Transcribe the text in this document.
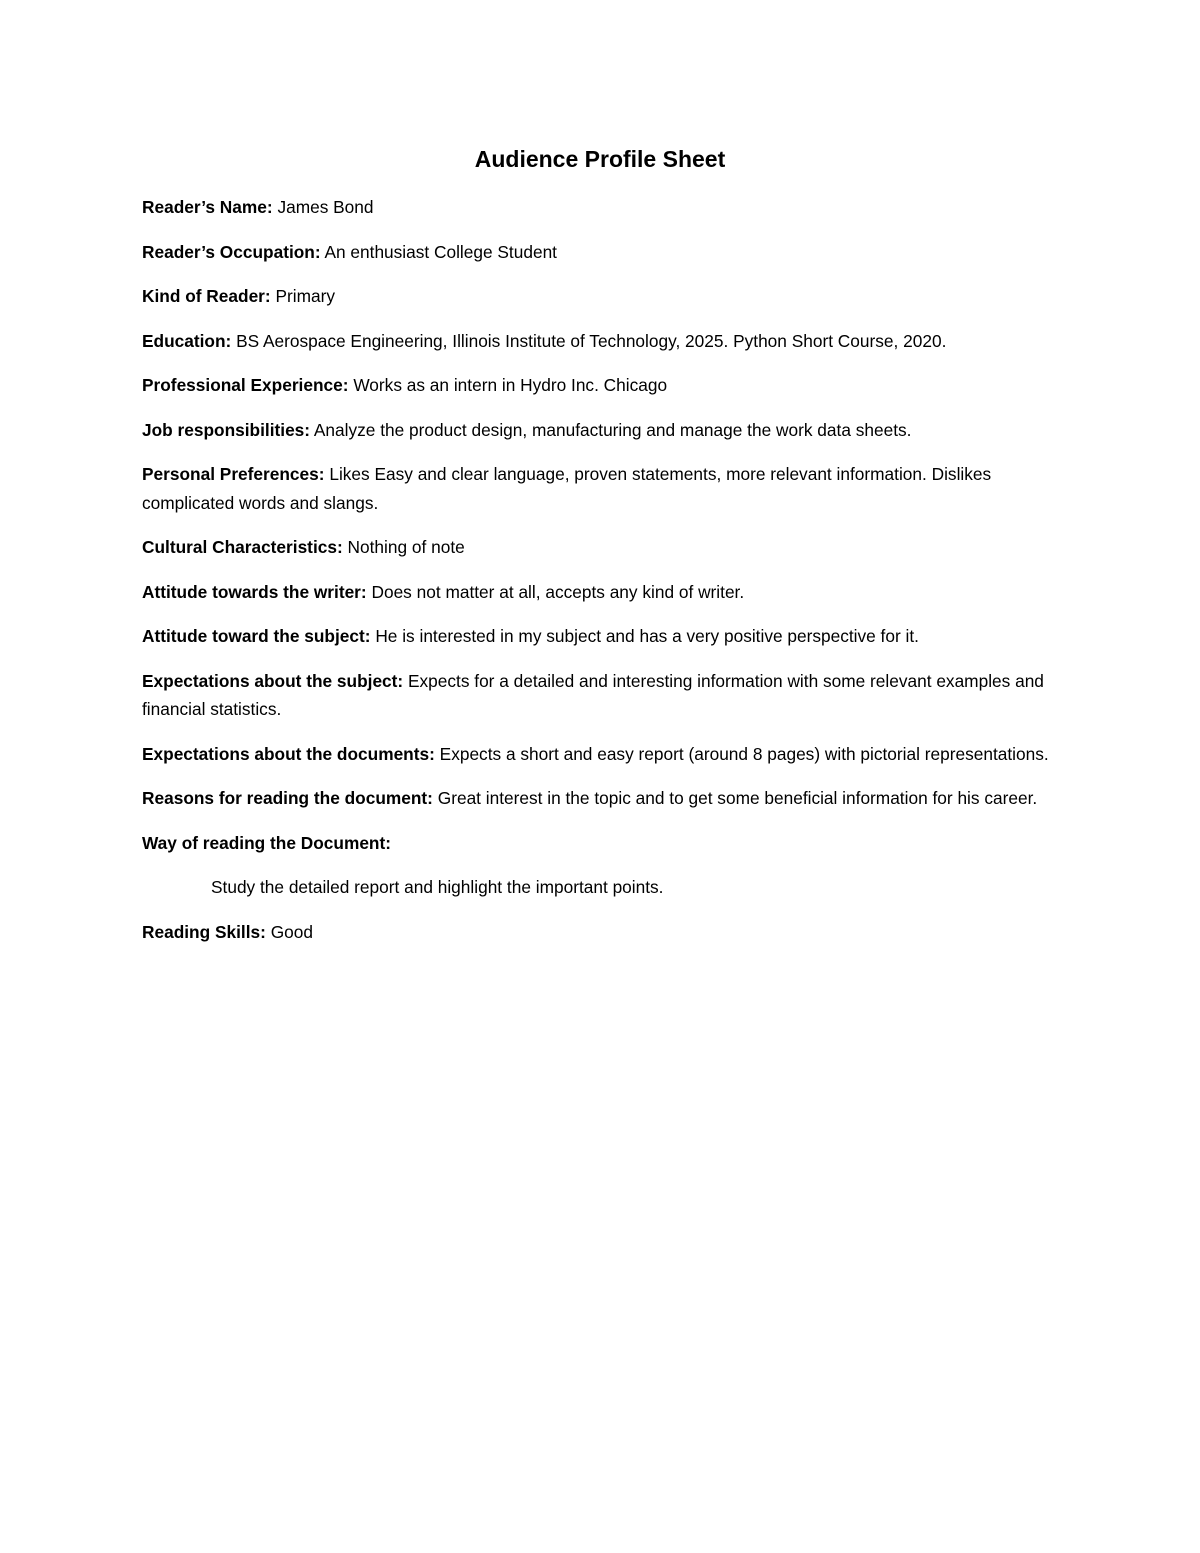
Audience Profile Sheet

Reader’s Name: James Bond

Reader’s Occupation: An enthusiast College Student

Kind of Reader: Primary

Education: BS Aerospace Engineering, Illinois Institute of Technology, 2025. Python Short Course, 2020.

Professional Experience: Works as an intern in Hydro Inc. Chicago

Job responsibilities: Analyze the product design, manufacturing and manage the work data sheets.

Personal Preferences: Likes Easy and clear language, proven statements, more relevant information. Dislikes complicated words and slangs.

Cultural Characteristics: Nothing of note

Attitude towards the writer: Does not matter at all, accepts any kind of writer.

Attitude toward the subject: He is interested in my subject and has a very positive perspective for it.

Expectations about the subject: Expects for a detailed and interesting information with some relevant examples and financial statistics.

Expectations about the documents: Expects a short and easy report (around 8 pages) with pictorial representations.

Reasons for reading the document: Great interest in the topic and to get some beneficial information for his career.

Way of reading the Document:
Study the detailed report and highlight the important points.

Reading Skills: Good
